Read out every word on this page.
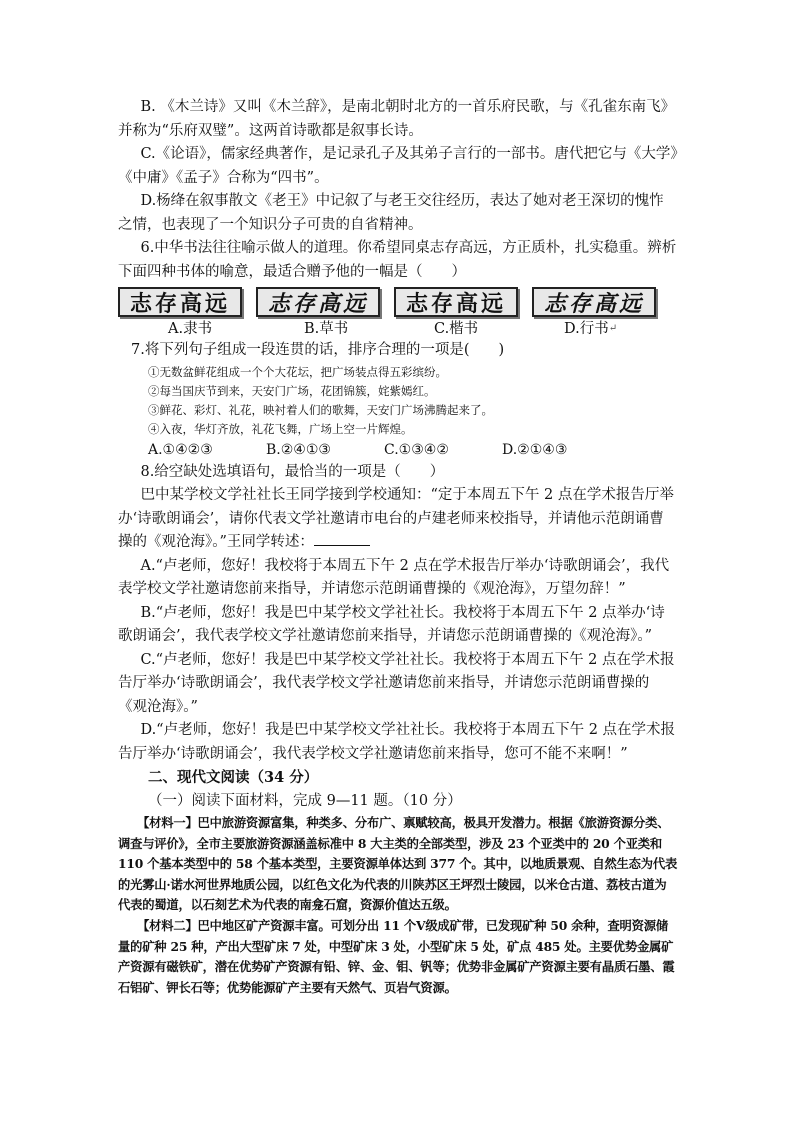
B. 《木兰诗》又叫《木兰辞》，是南北朝时北方的一首乐府民歌，与《孔雀东南飞》并称为“乐府双璧”。这两首诗歌都是叙事长诗。

C.《论语》，儒家经典著作，是记录孔子及其弟子言行的一部书。唐代把它与《大学》《中庸》《孟子》合称为“四书”。

D.杨绛在叙事散文《老王》中记叙了与老王交往经历，表达了她对老王深切的愧怍之情，也表现了一个知识分子可贵的自省精神。

6.中华书法往往喻示做人的道理。你希望同桌志存高远，方正质朴，扎实稳重。辨析下面四种书体的喻意，最适合赠予他的一幅是（　　）

志存高远	志存高远	志存高远	志存高远
A.隶书	B.草书	C.楷书	D.行书 ↵

7.将下列句子组成一段连贯的话，排序合理的一项是(　　)

①无数盆鲜花组成一个个大花坛，把广场装点得五彩缤纷。

②每当国庆节到来，天安门广场，花团锦簇，姹紫嫣红。

③鲜花、彩灯、礼花，映衬着人们的歌舞，天安门广场沸腾起来了。

④入夜，华灯齐放，礼花飞舞，广场上空一片辉煌。

A.①④②③	B.②④①③	C.①③④②	D.②①④③

8.给空缺处选填语句，最恰当的一项是（　　）

巴中某学校文学社社长王同学接到学校通知：“定于本周五下午 2 点在学术报告厅举办‘诗歌朗诵会’，请你代表文学社邀请市电台的卢建老师来校指导，并请他示范朗诵曹操的《观沧海》。”王同学转述：

A.“卢老师，您好！我校将于本周五下午 2 点在学术报告厅举办‘诗歌朗诵会’，我代表学校文学社邀请您前来指导，并请您示范朗诵曹操的《观沧海》，万望勿辞！”

B.“卢老师，您好！我是巴中某学校文学社社长。我校将于本周五下午 2 点举办‘诗歌朗诵会’，我代表学校文学社邀请您前来指导，并请您示范朗诵曹操的《观沧海》。”

C.“卢老师，您好！我是巴中某学校文学社社长。我校将于本周五下午 2 点在学术报告厅举办‘诗歌朗诵会’，我代表学校文学社邀请您前来指导，并请您示范朗诵曹操的《观沧海》。”

D.“卢老师，您好！我是巴中某学校文学社社长。我校将于本周五下午 2 点在学术报告厅举办‘诗歌朗诵会’，我代表学校文学社邀请您前来指导，您可不能不来啊！”

二、现代文阅读（34 分）

（一）阅读下面材料，完成 9—11 题。（10 分）

【材料一】巴中旅游资源富集，种类多、分布广、禀赋较高，极具开发潜力。根据《旅游资源分类、调查与评价》，全市主要旅游资源涵盖标准中 8 大主类的全部类型，涉及 23 个亚类中的 20 个亚类和 110 个基本类型中的 58 个基本类型，主要资源单体达到 377 个。其中，以地质景观、自然生态为代表的光雾山·诺水河世界地质公园，以红色文化为代表的川陕苏区王坪烈士陵园，以米仓古道、荔枝古道为代表的蜀道，以石刻艺术为代表的南龛石窟，资源价值达五级。

【材料二】巴中地区矿产资源丰富。可划分出 11 个Ⅴ级成矿带，已发现矿种 50 余种，查明资源储量的矿种 25 种，产出大型矿床 7 处，中型矿床 3 处，小型矿床 5 处，矿点 485 处。主要优势金属矿产资源有磁铁矿，潜在优势矿产资源有铅、锌、金、钼、钒等；优势非金属矿产资源主要有晶质石墨、霞石铝矿、钾长石等；优势能源矿产主要有天然气、页岩气资源。
